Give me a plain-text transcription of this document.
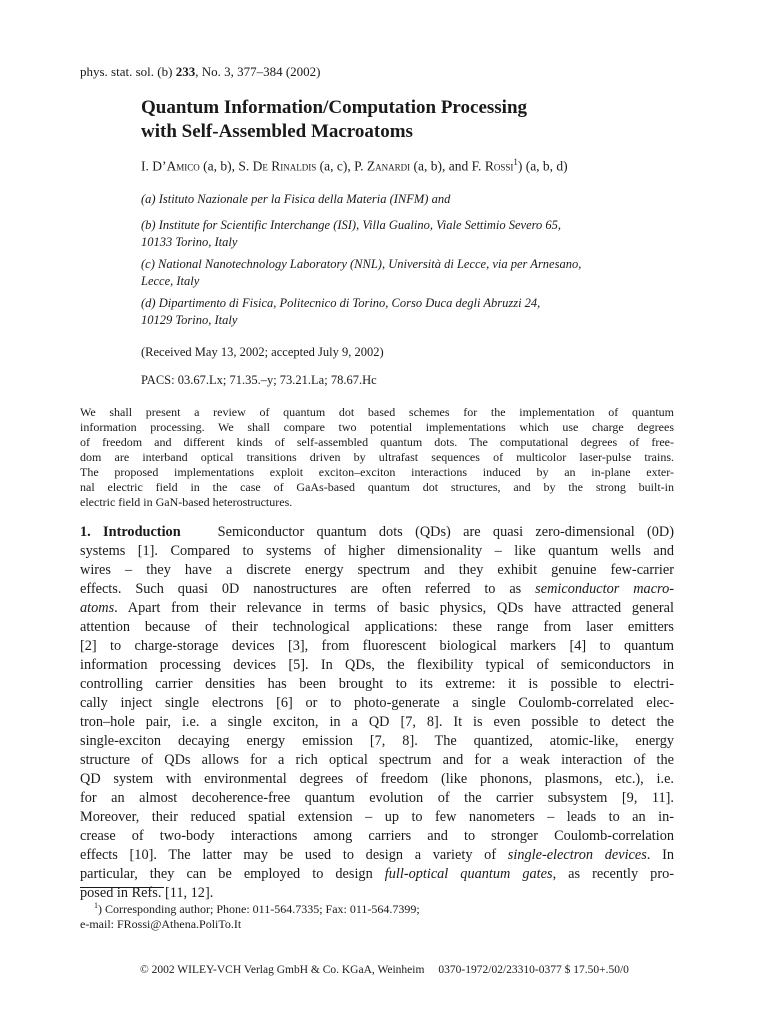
phys. stat. sol. (b) 233, No. 3, 377–384 (2002)
Quantum Information/Computation Processing
with Self-Assembled Macroatoms
I. D’Amico (a, b), S. De Rinaldis (a, c), P. Zanardi (a, b), and F. Rossi$^1$) (a, b, d)
(a) Istituto Nazionale per la Fisica della Materia (INFM) and
(b) Institute for Scientific Interchange (ISI), Villa Gualino, Viale Settimio Severo 65,
10133 Torino, Italy
(c) National Nanotechnology Laboratory (NNL), Università di Lecce, via per Arnesano,
Lecce, Italy
(d) Dipartimento di Fisica, Politecnico di Torino, Corso Duca degli Abruzzi 24,
10129 Torino, Italy
(Received May 13, 2002; accepted July 9, 2002)
PACS: 03.67.Lx; 71.35.–y; 73.21.La; 78.67.Hc
We shall present a review of quantum dot based schemes for the implementation of quantum
information processing. We shall compare two potential implementations which use charge degrees
of freedom and different kinds of self-assembled quantum dots. The computational degrees of free-
dom are interband optical transitions driven by ultrafast sequences of multicolor laser-pulse trains.
The proposed implementations exploit exciton–exciton interactions induced by an in-plane exter-
nal electric field in the case of GaAs-based quantum dot structures, and by the strong built-in
electric field in GaN-based heterostructures.
1. Introduction	Semiconductor quantum dots (QDs) are quasi zero-dimensional (0D)
systems [1]. Compared to systems of higher dimensionality – like quantum wells and
wires – they have a discrete energy spectrum and they exhibit genuine few-carrier
effects. Such quasi 0D nanostructures are often referred to as semiconductor macro-
atoms. Apart from their relevance in terms of basic physics, QDs have attracted general
attention because of their technological applications: these range from laser emitters
[2] to charge-storage devices [3], from fluorescent biological markers [4] to quantum
information processing devices [5]. In QDs, the flexibility typical of semiconductors in
controlling carrier densities has been brought to its extreme: it is possible to electri-
cally inject single electrons [6] or to photo-generate a single Coulomb-correlated elec-
tron–hole pair, i.e. a single exciton, in a QD [7, 8]. It is even possible to detect the
single-exciton decaying energy emission [7, 8]. The quantized, atomic-like, energy
structure of QDs allows for a rich optical spectrum and for a weak interaction of the
QD system with environmental degrees of freedom (like phonons, plasmons, etc.), i.e.
for an almost decoherence-free quantum evolution of the carrier subsystem [9, 11].
Moreover, their reduced spatial extension – up to few nanometers – leads to an in-
crease of two-body interactions among carriers and to stronger Coulomb-correlation
effects [10]. The latter may be used to design a variety of single-electron devices. In
particular, they can be employed to design full-optical quantum gates, as recently pro-
posed in Refs. [11, 12].
$^1$) Corresponding author; Phone: 011-564.7335; Fax: 011-564.7399;
e-mail: FRossi@Athena.PoliTo.It
© 2002 WILEY-VCH Verlag GmbH & Co. KGaA, Weinheim 0370-1972/02/23310-0377 $ 17.50+.50/0
